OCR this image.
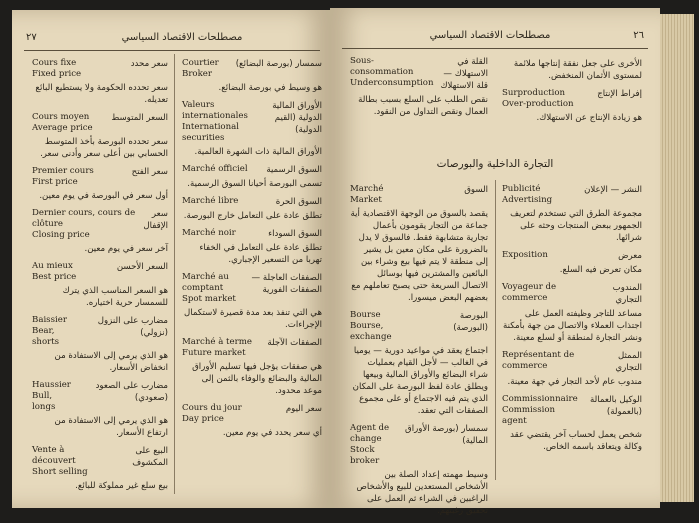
٢٧	مصطلحات الاقتصاد السياسي
Cours fixe
Fixed price
سعر محدد
سعر تحدده الحكومة ولا يستطيع البائع تعديله.
Cours moyen
Average price
السعر المتوسط
سعر تحدده البورصة بأخذ المتوسط الحسابي بين أعلى سعر وأدنى سعر.
Premier cours
First price
سعر الفتح
أول سعر في البورصة في يوم معين.
Dernier cours, cours de clôture
Closing price
سعر الإقفال
آخر سعر في يوم معين.
Au mieux
Best price
السعر الأحسن
هو السعر المناسب الذي يترك للسمسار حرية اختياره.
Baissier
Bear, shorts
مضارب على النزول (نزولي)
هو الذي يرمي إلى الاستفادة من انخفاض الأسعار.
Haussier
Bull, longs
مضارب على الصعود (صعودي)
هو الذي يرمي إلى الاستفادة من ارتفاع الأسعار.
Vente à découvert
Short selling
البيع على المكشوف
بيع سلع غير مملوكة للبائع.
Courtier
Broker
سمسار (بورصة البضائع)
هو وسيط في بورصة البضائع.
Valeurs internationales
International securities
الأوراق المالية الدولية (القيم الدولية)
الأوراق المالية ذات الشهرة العالمية.
Marché officiel السوق الرسمية
تسمى البورصة أحيانا السوق الرسمية.
Marché libre	السوق الحرة
تطلق عادة على التعامل خارج البورصة.
Marché noir	السوق السوداء
تطلق عادة على التعامل في الخفاء تهربا من التسعير الإجباري.
Marché au comptant
Spot market
الصفقات العاجلة — الصفقات الفورية
هي التي تنفذ بعد مدة قصيرة لاستكمال الإجراءات.
Marché à terme
Future market
الصفقات الآجلة
هي صفقات يؤجل فيها تسليم الأوراق المالية والبضائع والوفاء بالثمن إلى موعد محدود.
Cours du jour
Day price
سعر اليوم
أي سعر يحدد في يوم معين.
٢٦
مصطلحات الاقتصاد السياسي
Sous-consommation
Underconsumption
القلة في الاستهلاك — قلة الاستهلاك
نقص الطلب على السلع بسبب بطالة العمال ونقص التداول من النقود.
الأخرى على جعل نفقة إنتاجها ملائمة لمستوى الأثمان المنخفض.
Surproduction
Over-production
إفراط الإنتاج
هو زيادة الإنتاج عن الاستهلاك.
التجارة الداخلية والبورصات
Marché
Market
السوق
يقصد بالسوق من الوجهة الاقتصادية أية جماعة من التجار يقومون بأعمال تجارية متشابهة فقط. فالسوق لا يدل بالضرورة على مكان معين بل يشير إلى منطقة لا يتم فيها بيع وشراء بين البائعين والمشترين فيها بوسائل الاتصال السريعة حتى يصبح تعاملهم مع بعضهم البعض ميسورا.
Bourse
Bourse, exchange
البورصة (البورصة)
اجتماع يعقد في مواعيد دورية — يوميا في الغالب — لأجل القيام بعمليات شراء البضائع والأوراق المالية وبيعها ويطلق عادة لفظ البورصة على المكان الذي يتم فيه الاجتماع أو على مجموع الصفقات التي تعقد.
Agent de change
Stock broker
سمسار (بورصة الأوراق المالية)
وسيط مهمته إعداد الصلة بين الأشخاص المستعدين للبيع والأشخاص الراغبين في الشراء ثم العمل على تحقيق رغبتهم.
Publicité
Advertising
النشر — الإعلان
مجموعة الطرق التي تستخدم لتعريف الجمهور ببعض المنتجات وحثه على شرائها.
Exposition	معرض
مكان تعرض فيه السلع.
Voyageur de commerce
المندوب التجاري
مساعد للتاجر وظيفته العمل على اجتذاب العملاء والاتصال من جهة بأمكنة ونشر التجارة لمنطقة أو لسلع معينة.
Représentant de commerce
الممثل التجاري
مندوب عام لأحد التجار في جهة معينة.
Commissionnaire
Commission agent
الوكيل بالعمالة (بالعمولة)
شخص يعمل لحساب آخر يقتضي عقد وكالة ويتعاقد باسمه الخاص.
